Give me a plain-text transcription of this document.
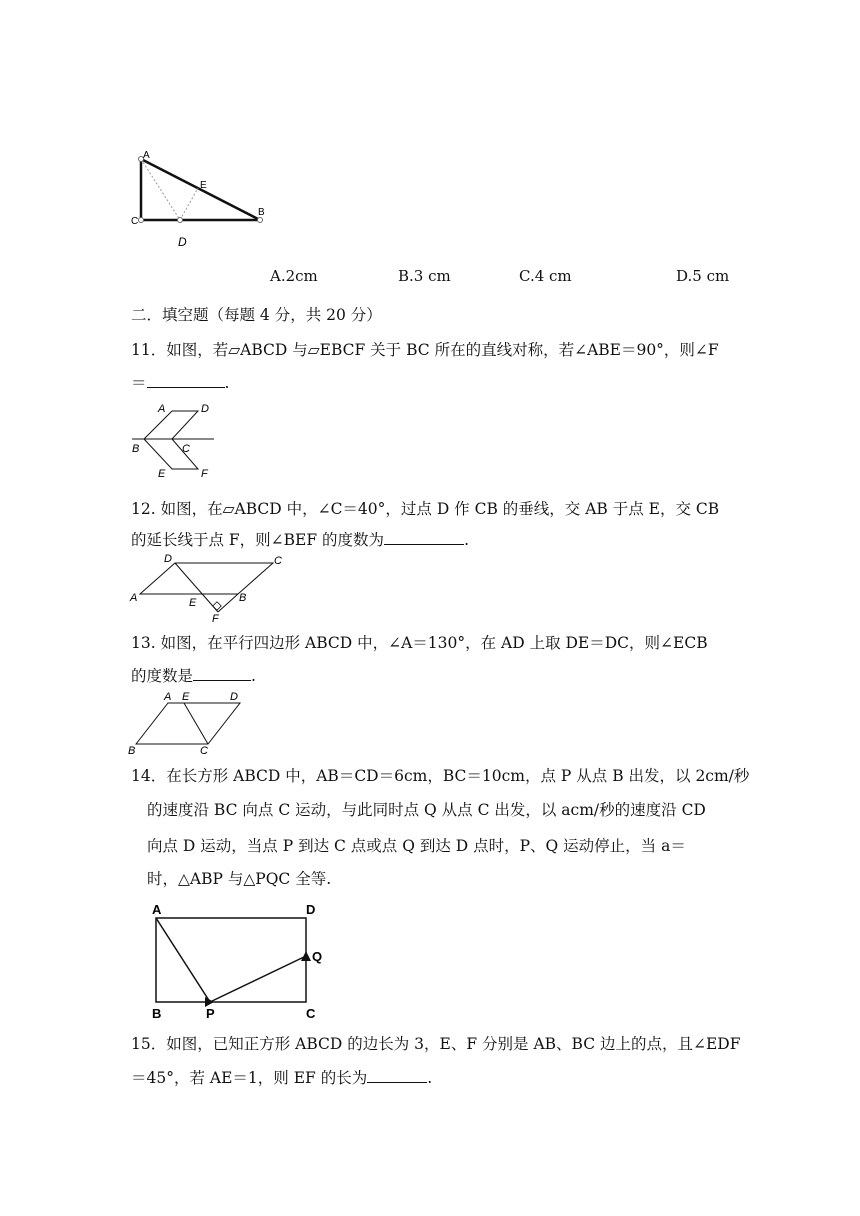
A
E
B
C
D
A.2cm	B.3 cm	C.4 cm	D.5 cm
二．填空题（每题 4 分，共 20 分）
11．如图，若▱ABCD 与▱EBCF 关于 BC 所在的直线对称，若∠ABE＝90°，则∠F
＝	.
A	D
B	C
E	F
12. 如图，在▱ABCD 中，∠C＝40°，过点 D 作 CB 的垂线，交 AB 于点 E，交 CB
的延长线于点 F，则∠BEF 的度数为	.
D	C
A	E	B
F
13. 如图，在平行四边形 ABCD 中，∠A＝130°，在 AD 上取 DE＝DC，则∠ECB
的度数是	.
A E	D
B	C
14．在长方形 ABCD 中，AB＝CD＝6cm，BC＝10cm，点 P 从点 B 出发，以 2cm/秒
的速度沿 BC 向点 C 运动，与此同时点 Q 从点 C 出发，以 acm/秒的速度沿 CD
向点 D 运动，当点 P 到达 C 点或点 Q 到达 D 点时，P、Q 运动停止，当 a＝
时，△ABP 与△PQC 全等.
A	D
Q
B	P	C
15．如图，已知正方形 ABCD 的边长为 3，E、F 分别是 AB、BC 边上的点，且∠EDF
＝45°，若 AE＝1，则 EF 的长为	.
